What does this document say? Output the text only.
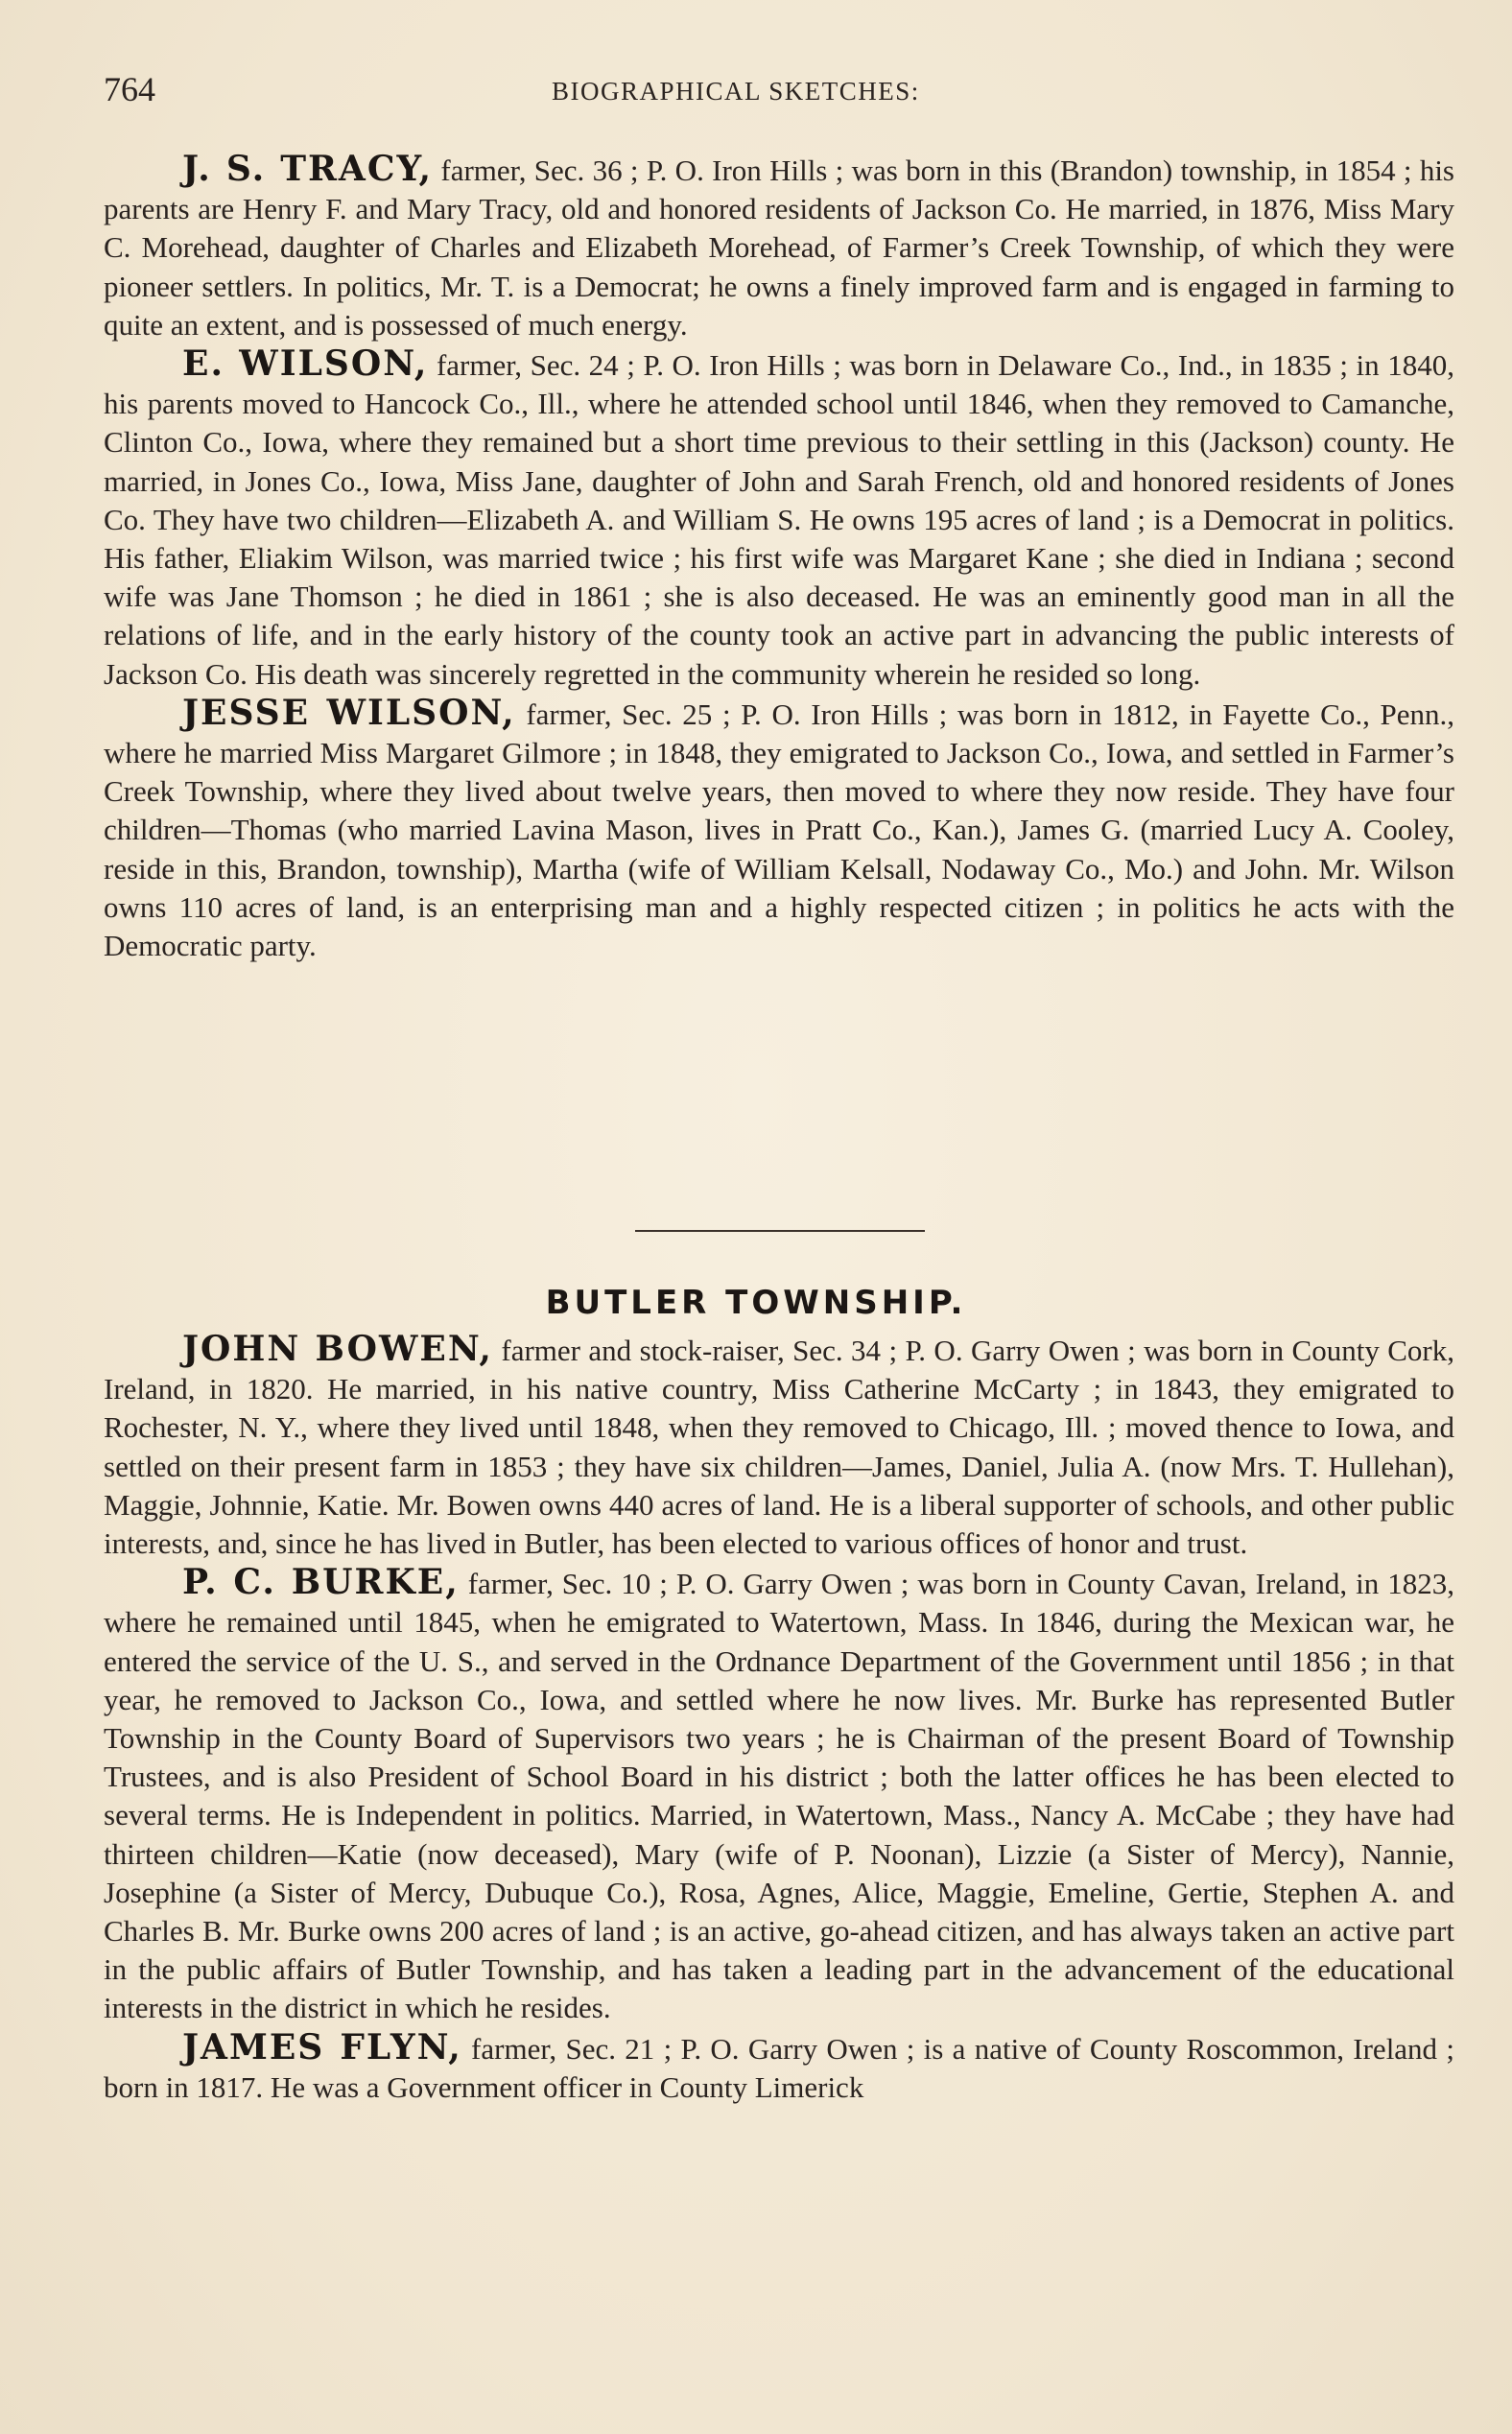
764	BIOGRAPHICAL SKETCHES:

J. S. TRACY, farmer, Sec. 36 ; P. O. Iron Hills ; was born in this (Brandon) township, in 1854 ; his parents are Henry F. and Mary Tracy, old and honored residents of Jackson Co. He married, in 1876, Miss Mary C. Morehead, daughter of Charles and Elizabeth Morehead, of Farmer’s Creek Township, of which they were pioneer settlers. In politics, Mr. T. is a Democrat; he owns a finely improved farm and is engaged in farming to quite an extent, and is possessed of much energy.

E. WILSON, farmer, Sec. 24 ; P. O. Iron Hills ; was born in Delaware Co., Ind., in 1835 ; in 1840, his parents moved to Hancock Co., Ill., where he attended school until 1846, when they removed to Camanche, Clinton Co., Iowa, where they remained but a short time previous to their settling in this (Jackson) county. He married, in Jones Co., Iowa, Miss Jane, daughter of John and Sarah French, old and honored residents of Jones Co. They have two children—Elizabeth A. and William S. He owns 195 acres of land ; is a Democrat in politics. His father, Eliakim Wilson, was married twice ; his first wife was Margaret Kane ; she died in Indiana ; second wife was Jane Thomson ; he died in 1861 ; she is also deceased. He was an eminently good man in all the relations of life, and in the early history of the county took an active part in advancing the public interests of Jackson Co. His death was sincerely regretted in the community wherein he resided so long.

JESSE WILSON, farmer, Sec. 25 ; P. O. Iron Hills ; was born in 1812, in Fayette Co., Penn., where he married Miss Margaret Gilmore ; in 1848, they emigrated to Jackson Co., Iowa, and settled in Farmer’s Creek Township, where they lived about twelve years, then moved to where they now reside. They have four children—Thomas (who married Lavina Mason, lives in Pratt Co., Kan.), James G. (married Lucy A. Cooley, reside in this, Brandon, township), Martha (wife of William Kelsall, Nodaway Co., Mo.) and John. Mr. Wilson owns 110 acres of land, is an enterprising man and a highly respected citizen ; in politics he acts with the Democratic party.

BUTLER TOWNSHIP.

JOHN BOWEN, farmer and stock-raiser, Sec. 34 ; P. O. Garry Owen ; was born in County Cork, Ireland, in 1820. He married, in his native country, Miss Catherine McCarty ; in 1843, they emigrated to Rochester, N. Y., where they lived until 1848, when they removed to Chicago, Ill. ; moved thence to Iowa, and settled on their present farm in 1853 ; they have six children—James, Daniel, Julia A. (now Mrs. T. Hullehan), Maggie, Johnnie, Katie. Mr. Bowen owns 440 acres of land. He is a liberal supporter of schools, and other public interests, and, since he has lived in Butler, has been elected to various offices of honor and trust.

P. C. BURKE, farmer, Sec. 10 ; P. O. Garry Owen ; was born in County Cavan, Ireland, in 1823, where he remained until 1845, when he emigrated to Watertown, Mass. In 1846, during the Mexican war, he entered the service of the U. S., and served in the Ordnance Department of the Government until 1856 ; in that year, he removed to Jackson Co., Iowa, and settled where he now lives. Mr. Burke has represented Butler Township in the County Board of Supervisors two years ; he is Chairman of the present Board of Township Trustees, and is also President of School Board in his district ; both the latter offices he has been elected to several terms. He is Independent in politics. Married, in Watertown, Mass., Nancy A. McCabe ; they have had thirteen children—Katie (now deceased), Mary (wife of P. Noonan), Lizzie (a Sister of Mercy), Nannie, Josephine (a Sister of Mercy, Dubuque Co.), Rosa, Agnes, Alice, Maggie, Emeline, Gertie, Stephen A. and Charles B. Mr. Burke owns 200 acres of land ; is an active, go-ahead citizen, and has always taken an active part in the public affairs of Butler Township, and has taken a leading part in the advancement of the educational interests in the district in which he resides.

JAMES FLYN, farmer, Sec. 21 ; P. O. Garry Owen ; is a native of County Roscommon, Ireland ; born in 1817. He was a Government officer in County Limerick
